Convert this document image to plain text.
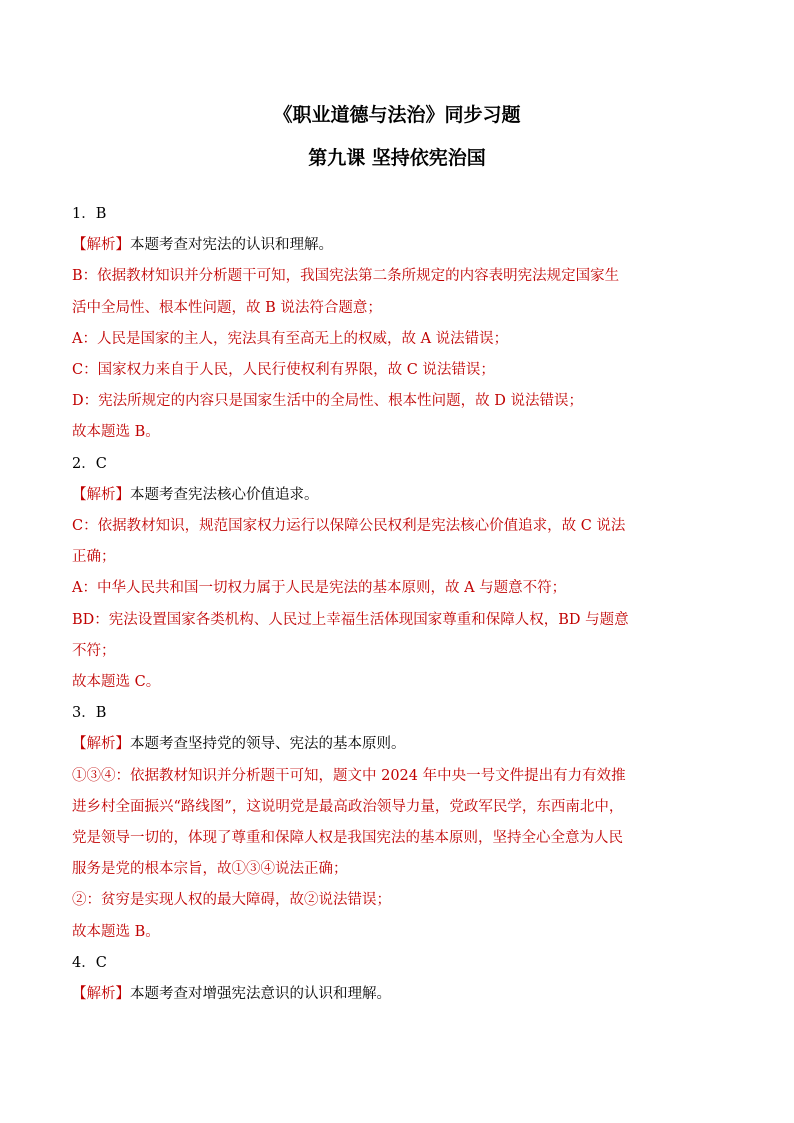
《职业道德与法治》同步习题
第九课 坚持依宪治国
1．B
【解析】本题考查对宪法的认识和理解。
B：依据教材知识并分析题干可知，我国宪法第二条所规定的内容表明宪法规定国家生
活中全局性、根本性问题，故 B 说法符合题意；
A：人民是国家的主人，宪法具有至高无上的权威，故 A 说法错误；
C：国家权力来自于人民，人民行使权利有界限，故 C 说法错误；
D：宪法所规定的内容只是国家生活中的全局性、根本性问题，故 D 说法错误；
故本题选 B。
2．C
【解析】本题考查宪法核心价值追求。
C：依据教材知识，规范国家权力运行以保障公民权利是宪法核心价值追求，故 C 说法
正确；
A：中华人民共和国一切权力属于人民是宪法的基本原则，故 A 与题意不符；
BD：宪法设置国家各类机构、人民过上幸福生活体现国家尊重和保障人权，BD 与题意
不符；
故本题选 C。
3．B
【解析】本题考查坚持党的领导、宪法的基本原则。
①③④：依据教材知识并分析题干可知，题文中 2024 年中央一号文件提出有力有效推
进乡村全面振兴“路线图”，这说明党是最高政治领导力量，党政军民学，东西南北中，
党是领导一切的，体现了尊重和保障人权是我国宪法的基本原则，坚持全心全意为人民
服务是党的根本宗旨，故①③④说法正确；
②：贫穷是实现人权的最大障碍，故②说法错误；
故本题选 B。
4．C
【解析】本题考查对增强宪法意识的认识和理解。
